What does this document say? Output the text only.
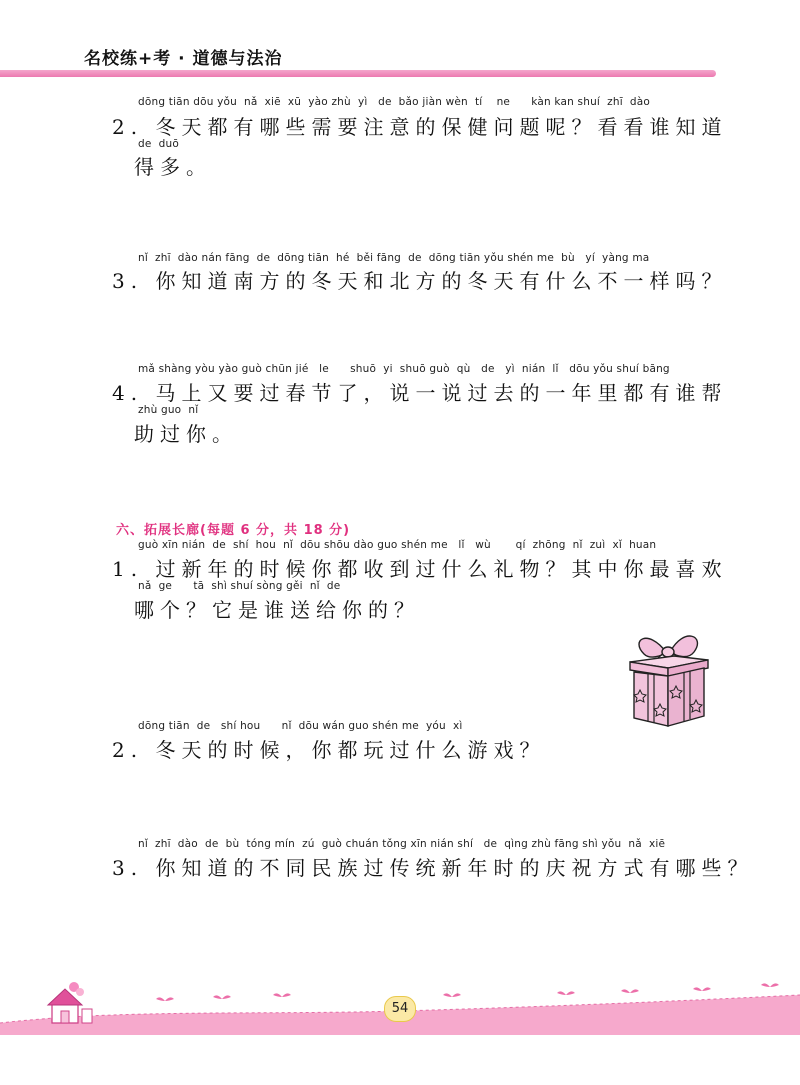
名校练+考 · 道德与法治
dōng tiān dōu yǒu  nǎ  xiē  xū  yào zhù  yì   de  bǎo jiàn wèn  tí    ne      kàn kan shuí  zhī  dào
2. 冬天都有哪些需要注意的保健问题呢？看看谁知道
de  duō
得多。
nǐ  zhī  dào nán fāng  de  dōng tiān  hé  běi fāng  de  dōng tiān yǒu shén me  bù   yí  yàng ma
3. 你知道南方的冬天和北方的冬天有什么不一样吗？
mǎ shàng yòu yào guò chūn jié   le      shuō  yi  shuō guò  qù   de   yì  nián  lǐ   dōu yǒu shuí bāng
4. 马上又要过春节了，说一说过去的一年里都有谁帮
zhù guo  nǐ
助过你。
六、拓展长廊(每题 6 分，共 18 分)
guò xīn nián  de  shí  hou  nǐ  dōu shōu dào guo shén me   lǐ   wù       qí  zhōng  nǐ  zuì  xǐ  huan
1. 过新年的时候你都收到过什么礼物？其中你最喜欢
nǎ  ge      tā  shì shuí sòng gěi  nǐ  de
哪个？它是谁送给你的？
dōng tiān  de   shí hou      nǐ  dōu wán guo shén me  yóu  xì
2. 冬天的时候，你都玩过什么游戏？
nǐ  zhī  dào  de  bù  tóng mín  zú  guò chuán tǒng xīn nián shí   de  qìng zhù fāng shì yǒu  nǎ  xiē
3. 你知道的不同民族过传统新年时的庆祝方式有哪些？
54
